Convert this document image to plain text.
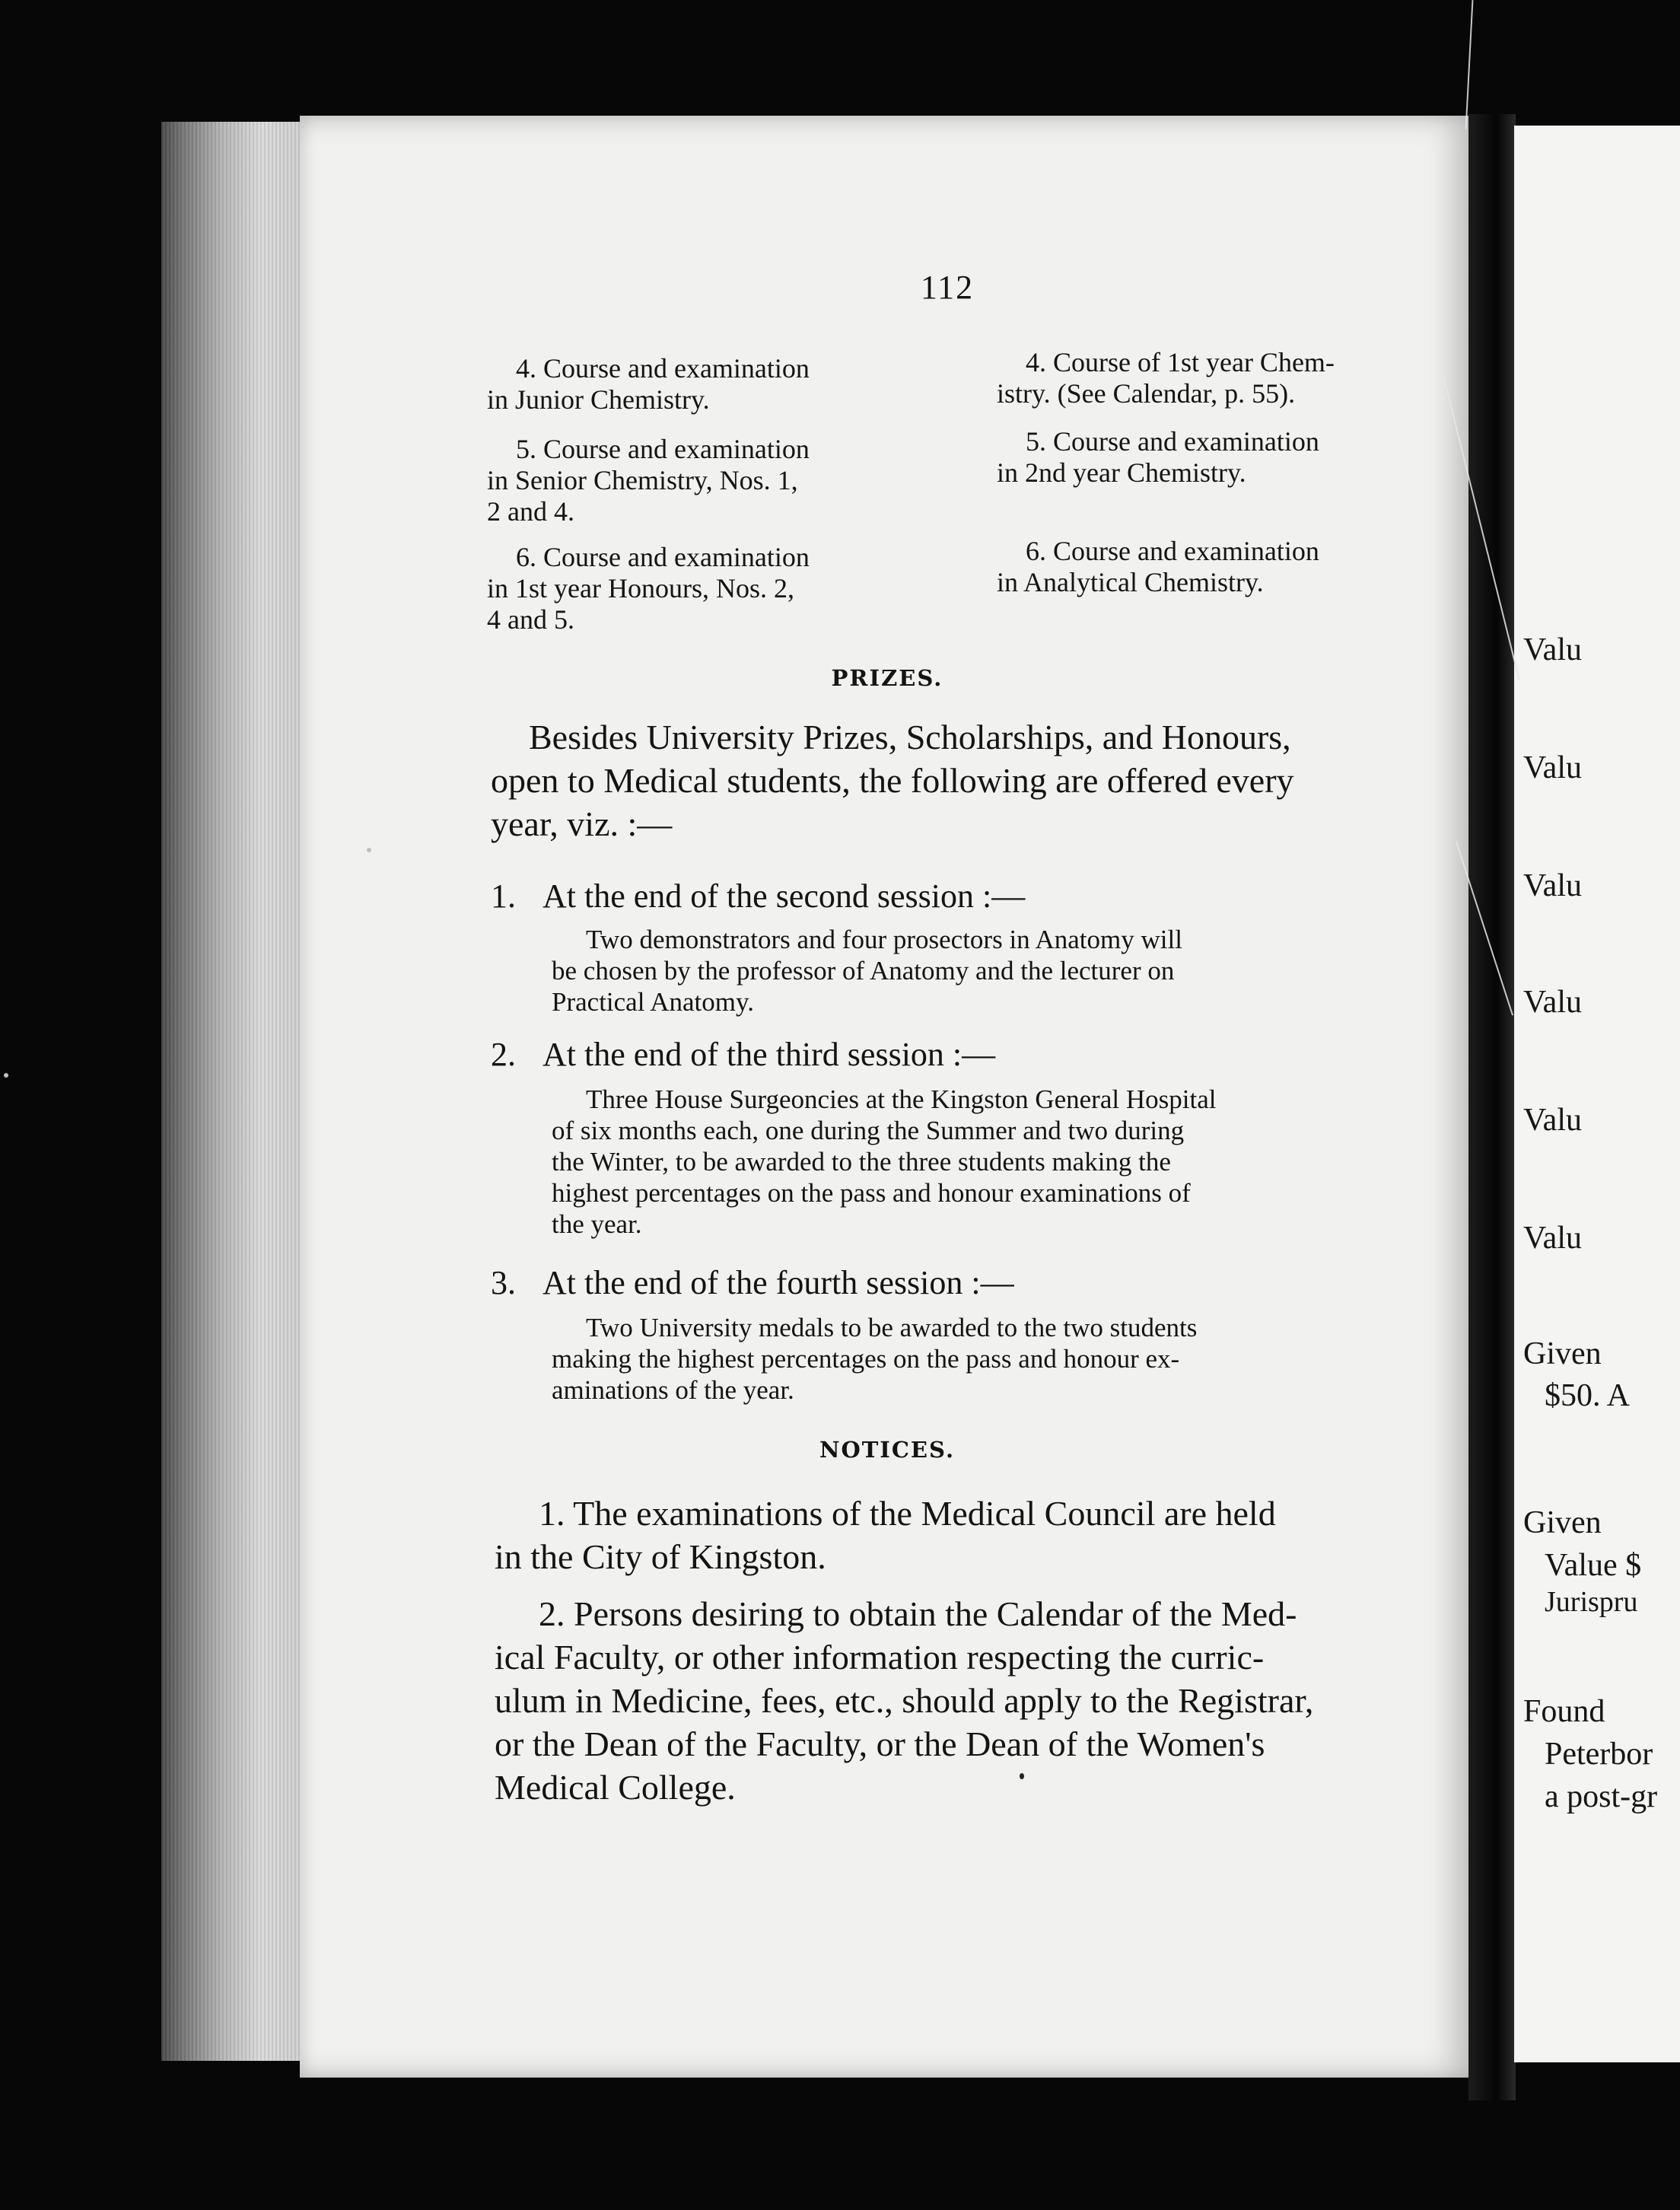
Valu
Valu
Valu
Valu
Valu
Valu
Given
$50. A
Given
Value $
Jurispru
Found
Peterbor
a post-gr
112
4. Course and examination
in Junior Chemistry.
5. Course and examination
in Senior Chemistry, Nos. 1,
2 and 4.
6. Course and examination
in 1st year Honours, Nos. 2,
4 and 5.
4. Course of 1st year Chem-
istry. (See Calendar, p. 55).
5. Course and examination
in 2nd year Chemistry.
6. Course and examination
in Analytical Chemistry.
PRIZES.
Besides University Prizes, Scholarships, and Honours,
open to Medical students, the following are offered every
year, viz. :—
1. At the end of the second session :—
Two demonstrators and four prosectors in Anatomy will
be chosen by the professor of Anatomy and the lecturer on
Practical Anatomy.
2. At the end of the third session :—
Three House Surgeoncies at the Kingston General Hospital
of six months each, one during the Summer and two during
the Winter, to be awarded to the three students making the
highest percentages on the pass and honour examinations of
the year.
3. At the end of the fourth session :—
Two University medals to be awarded to the two students
making the highest percentages on the pass and honour ex-
aminations of the year.
NOTICES.
1. The examinations of the Medical Council are held
in the City of Kingston.
2. Persons desiring to obtain the Calendar of the Med-
ical Faculty, or other information respecting the curric-
ulum in Medicine, fees, etc., should apply to the Registrar,
or the Dean of the Faculty, or the Dean of the Women's
Medical College.
